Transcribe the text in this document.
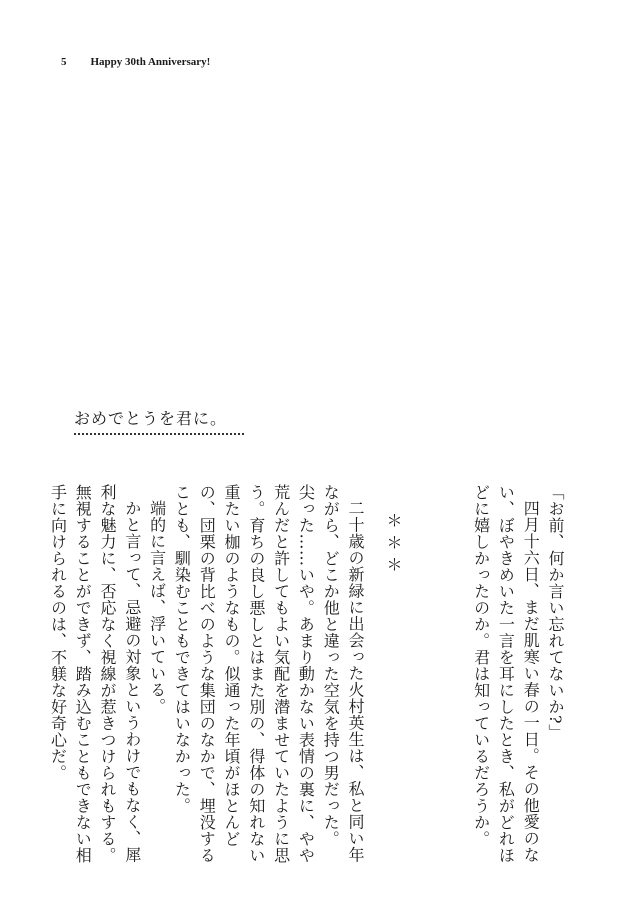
5 Happy 30th Anniversary!
おめでとうを君に。

「お前、何か言い忘れてないか?」

四月十六日、まだ肌寒い春の一日。その他愛のない、ぼやきめいた一言を耳にしたとき、私がどれほどに嬉しかったのか。君は知っているだろうか。

＊＊＊

二十歳の新緑に出会った火村英生は、私と同い年ながら、どこか他と違った空気を持つ男だった。

尖った……いや。あまり動かない表情の裏に、やや荒んだと許してもよい気配を潜ませていたように思う。育ちの良し悪しとはまた別の、得体の知れない重たい枷のようなもの。似通った年頃がほとんどの、団栗の背比べのような集団のなかで、埋没することも、馴染むこともできてはいなかった。

端的に言えば、浮いている。

かと言って、忌避の対象というわけでもなく、犀利な魅力に、否応なく視線が惹きつけられもする。無視することができず、踏み込むこともできない相手に向けられるのは、不躾な好奇心だ。
